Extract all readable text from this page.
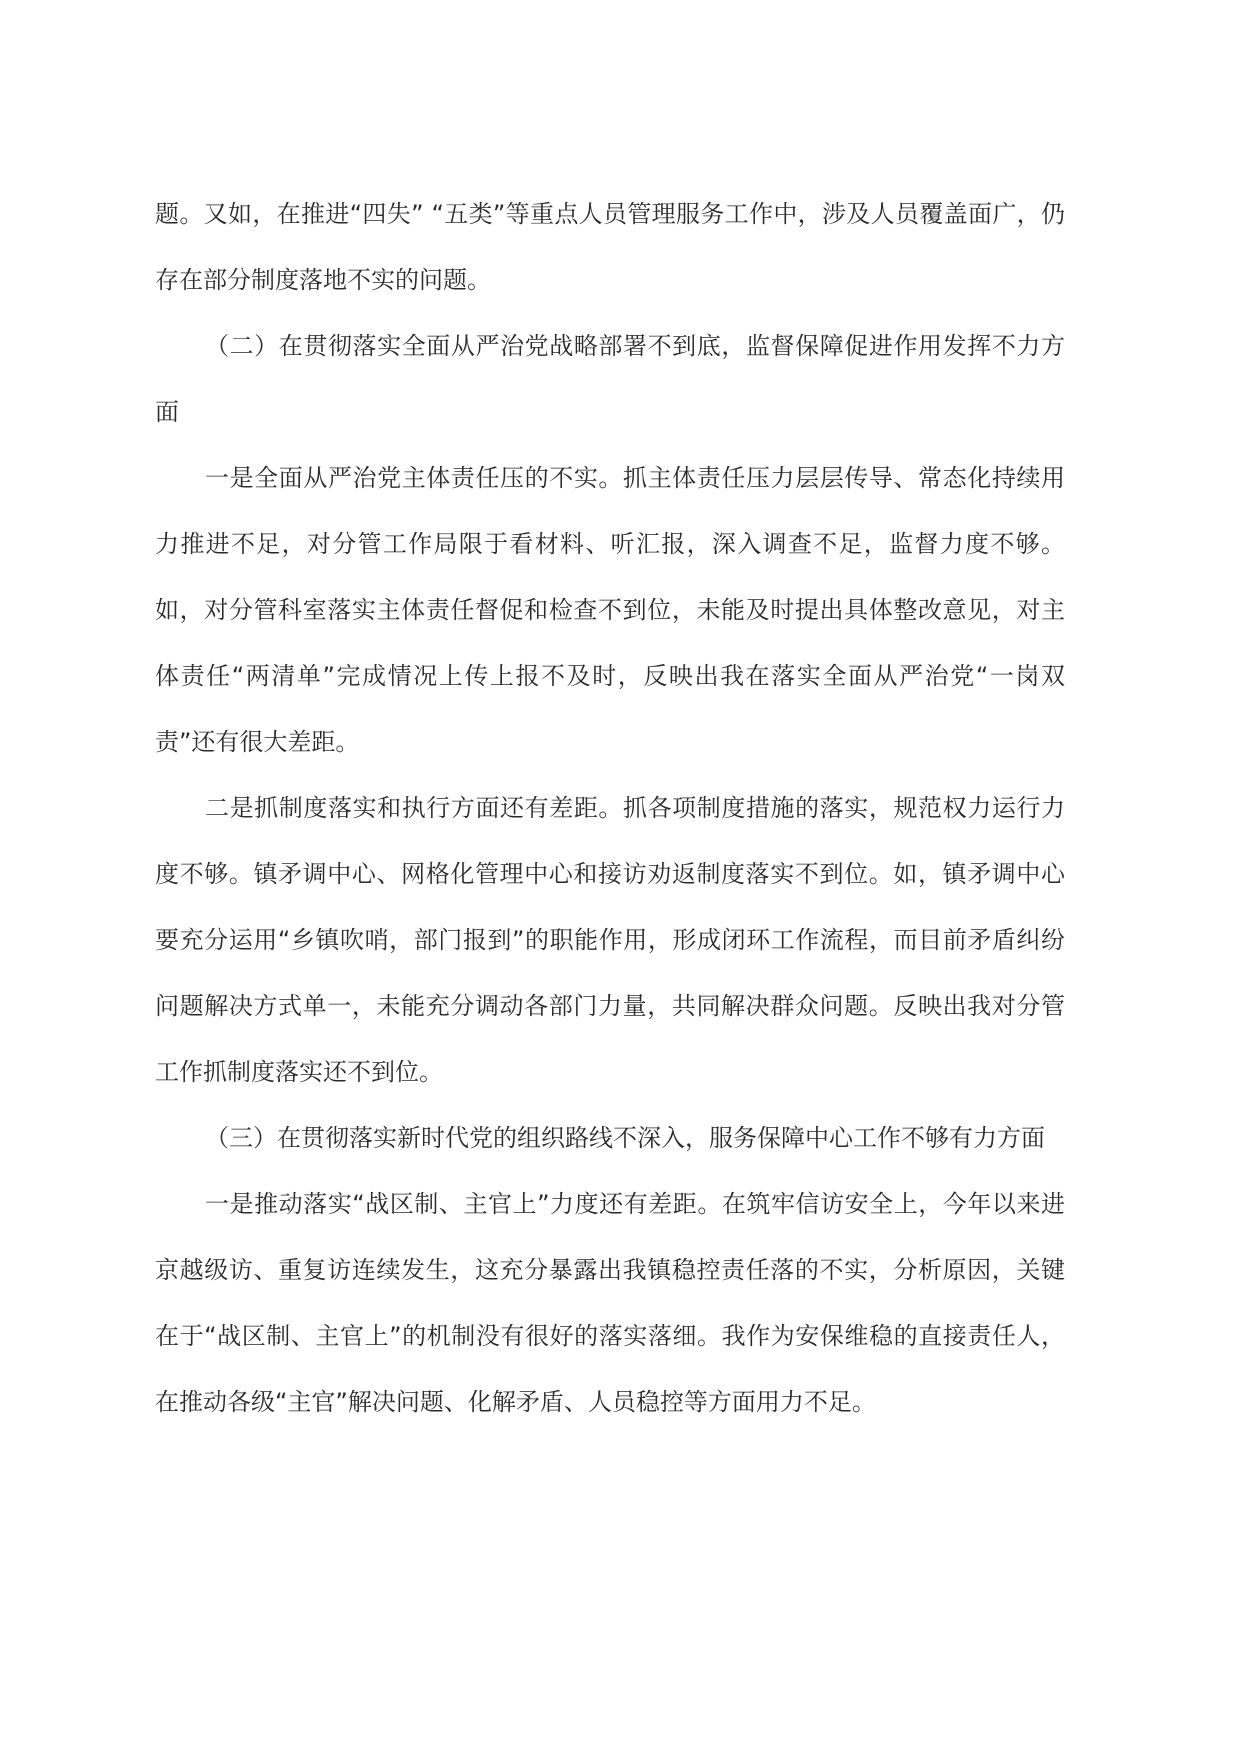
题。又如，在推进“四失” “五类”等重点人员管理服务工作中，涉及人员覆盖面广，仍存在部分制度落地不实的问题。

（二）在贯彻落实全面从严治党战略部署不到底，监督保障促进作用发挥不力方面

一是全面从严治党主体责任压的不实。抓主体责任压力层层传导、常态化持续用力推进不足，对分管工作局限于看材料、听汇报，深入调查不足，监督力度不够。如，对分管科室落实主体责任督促和检查不到位，未能及时提出具体整改意见，对主体责任“两清单”完成情况上传上报不及时，反映出我在落实全面从严治党“一岗双责”还有很大差距。

二是抓制度落实和执行方面还有差距。抓各项制度措施的落实，规范权力运行力度不够。镇矛调中心、网格化管理中心和接访劝返制度落实不到位。如，镇矛调中心要充分运用“乡镇吹哨，部门报到”的职能作用，形成闭环工作流程，而目前矛盾纠纷问题解决方式单一，未能充分调动各部门力量，共同解决群众问题。反映出我对分管工作抓制度落实还不到位。

（三）在贯彻落实新时代党的组织路线不深入，服务保障中心工作不够有力方面

一是推动落实“战区制、主官上”力度还有差距。在筑牢信访安全上，今年以来进京越级访、重复访连续发生，这充分暴露出我镇稳控责任落的不实，分析原因，关键在于“战区制、主官上”的机制没有很好的落实落细。我作为安保维稳的直接责任人，在推动各级“主官”解决问题、化解矛盾、人员稳控等方面用力不足。
